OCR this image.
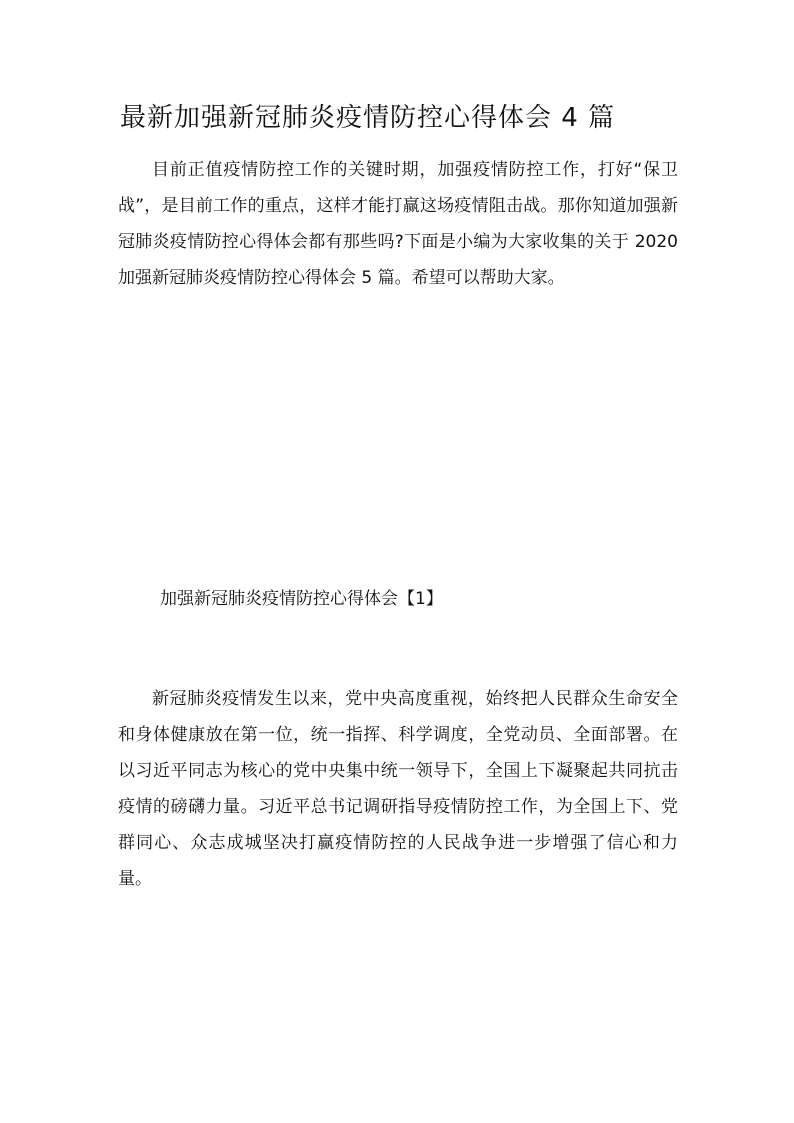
最新加强新冠肺炎疫情防控心得体会 4 篇

目前正值疫情防控工作的关键时期，加强疫情防控工作，打好“保卫战”，是目前工作的重点，这样才能打赢这场疫情阻击战。那你知道加强新冠肺炎疫情防控心得体会都有那些吗?下面是小编为大家收集的关于 2020 加强新冠肺炎疫情防控心得体会 5 篇。希望可以帮助大家。

加强新冠肺炎疫情防控心得体会【1】

新冠肺炎疫情发生以来，党中央高度重视，始终把人民群众生命安全和身体健康放在第一位，统一指挥、科学调度，全党动员、全面部署。在以习近平同志为核心的党中央集中统一领导下，全国上下凝聚起共同抗击疫情的磅礴力量。习近平总书记调研指导疫情防控工作，为全国上下、党群同心、众志成城坚决打赢疫情防控的人民战争进一步增强了信心和力量。
